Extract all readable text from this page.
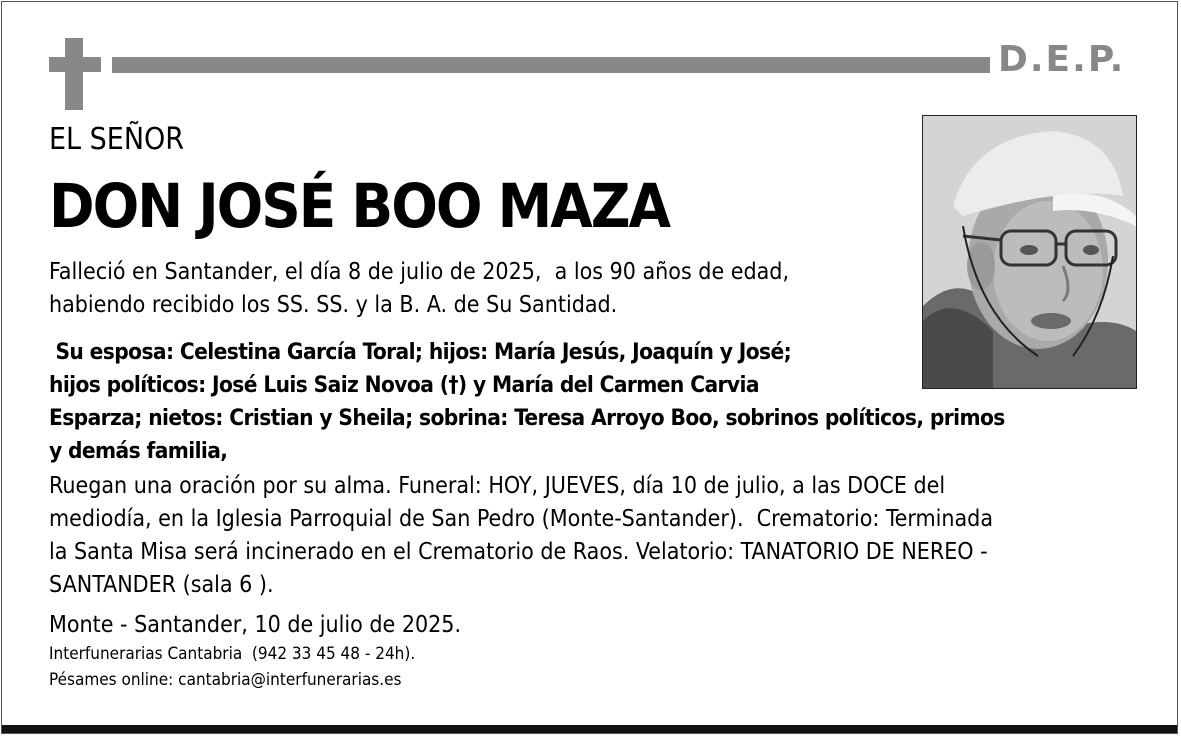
D.E.P.
EL SEÑOR
DON JOSÉ BOO MAZA
Falleció en Santander, el día 8 de julio de 2025,  a los 90 años de edad,
habiendo recibido los SS. SS. y la B. A. de Su Santidad.
Su esposa: Celestina García Toral; hijos: María Jesús, Joaquín y José;
hijos políticos: José Luis Saiz Novoa (†) y María del Carmen Carvia
Esparza; nietos: Cristian y Sheila; sobrina: Teresa Arroyo Boo, sobrinos políticos, primos
y demás familia,
Ruegan una oración por su alma. Funeral: HOY, JUEVES, día 10 de julio, a las DOCE del
mediodía, en la Iglesia Parroquial de San Pedro (Monte-Santander).  Crematorio: Terminada
la Santa Misa será incinerado en el Crematorio de Raos. Velatorio: TANATORIO DE NEREO -
SANTANDER (sala 6 ).
Monte - Santander, 10 de julio de 2025.
Interfunerarias Cantabria  (942 33 45 48 - 24h).
Pésames online: cantabria@interfunerarias.es
